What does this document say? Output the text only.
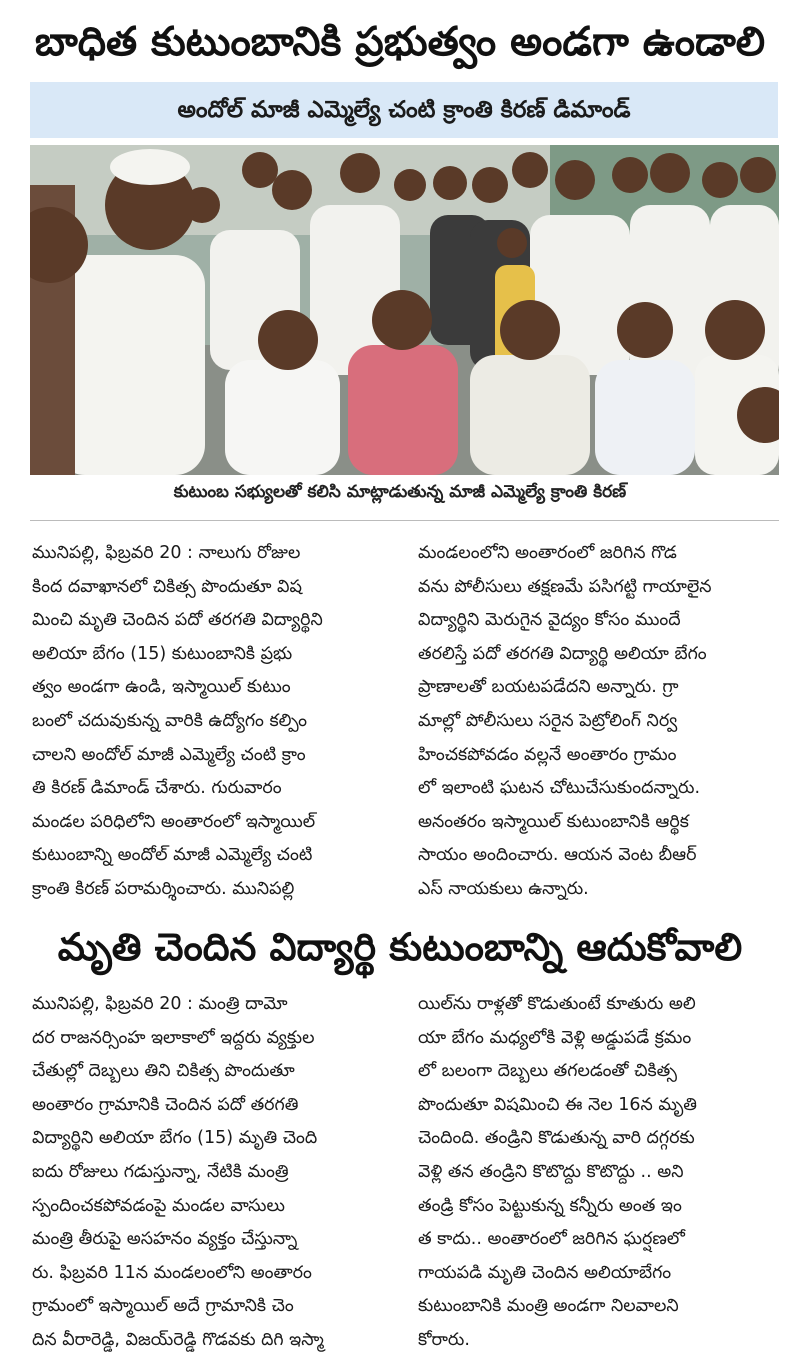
బాధిత కుటుంబానికి ప్రభుత్వం అండగా ఉండాలి
అందోల్ మాజీ ఎమ్మెల్యే చంటి క్రాంతి కిరణ్ డిమాండ్
కుటుంబ సభ్యులతో కలిసి మాట్లాడుతున్న మాజీ ఎమ్మెల్యే క్రాంతి కిరణ్

మునిపల్లి, ఫిబ్రవరి 20 : నాలుగు రోజుల

కింద దవాఖానలో చికిత్స పొందుతూ విష

మించి మృతి చెందిన పదో తరగతి విద్యార్థిని

అలియా బేగం (15) కుటుంబానికి ప్రభు

త్వం అండగా ఉండి, ఇస్మాయిల్ కుటుం

బంలో చదువుకున్న వారికి ఉద్యోగం కల్పిం

చాలని అందోల్ మాజీ ఎమ్మెల్యే చంటి క్రాం

తి కిరణ్ డిమాండ్ చేశారు. గురువారం

మండల పరిధిలోని అంతారంలో ఇస్మాయిల్

కుటుంబాన్ని అందోల్ మాజీ ఎమ్మెల్యే చంటి

క్రాంతి కిరణ్ పరామర్శించారు. మునిపల్లి

మండలంలోని అంతారంలో జరిగిన గొడ

వను పోలీసులు తక్షణమే పసిగట్టి గాయాలైన

విద్యార్థిని మెరుగైన వైద్యం కోసం ముందే

తరలిస్తే పదో తరగతి విద్యార్థి అలియా బేగం

ప్రాణాలతో బయటపడేదని అన్నారు. గ్రా

మాల్లో పోలీసులు సరైన పెట్రోలింగ్ నిర్వ

హించకపోవడం వల్లనే అంతారం గ్రామం

లో ఇలాంటి ఘటన చోటుచేసుకుందన్నారు.

అనంతరం ఇస్మాయిల్ కుటుంబానికి ఆర్థిక

సాయం అందించారు. ఆయన వెంట బీఆర్

ఎస్ నాయకులు ఉన్నారు.

మృతి చెందిన విద్యార్థి కుటుంబాన్ని ఆదుకోవాలి

మునిపల్లి, ఫిబ్రవరి 20 : మంత్రి దామో

దర రాజనర్సింహ ఇలాకాలో ఇద్దరు వ్యక్తుల

చేతుల్లో దెబ్బలు తిని చికిత్స పొందుతూ

అంతారం గ్రామానికి చెందిన పదో తరగతి

విద్యార్థిని అలియా బేగం (15) మృతి చెంది

ఐదు రోజులు గడుస్తున్నా, నేటికి మంత్రి

స్పందించకపోవడంపై మండల వాసులు

మంత్రి తీరుపై అసహనం వ్యక్తం చేస్తున్నా

రు. ఫిబ్రవరి 11న మండలంలోని అంతారం

గ్రామంలో ఇస్మాయిల్ అదే గ్రామానికి చెం

దిన వీరారెడ్డి, విజయ్‌రెడ్డి గొడవకు దిగి ఇస్మా

యిల్‌ను రాళ్లతో కొడుతుంటే కూతురు అలి

యా బేగం మధ్యలోకి వెళ్లి అడ్డుపడే క్రమం

లో బలంగా దెబ్బలు తగలడంతో చికిత్స

పొందుతూ విషమించి ఈ నెల 16న మృతి

చెందింది. తండ్రిని కొడుతున్న వారి దగ్గరకు

వెళ్లి తన తండ్రిని కొటొద్దు కొటొద్దు .. అని

తండ్రి కోసం పెట్టుకున్న కన్నీరు అంత ఇం

త కాదు.. అంతారంలో జరిగిన ఘర్షణలో

గాయపడి మృతి చెందిన అలియాబేగం

కుటుంబానికి మంత్రి అండగా నిలవాలని

కోరారు.
